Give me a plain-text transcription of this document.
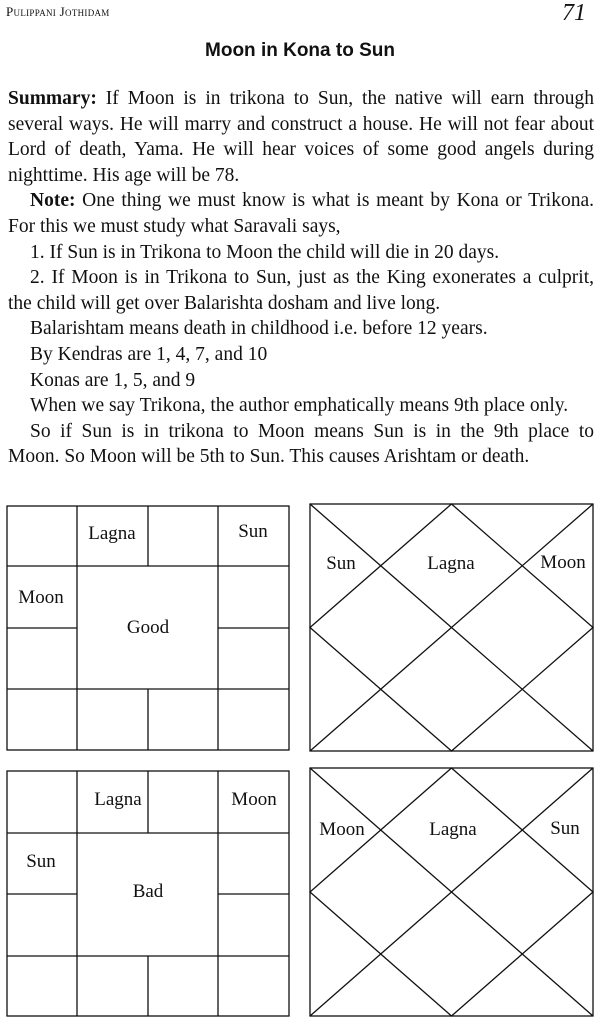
Pulippani Jothidam	71
Moon in Kona to Sun

Summary: If Moon is in trikona to Sun, the native will earn through

several ways. He will marry and construct a house. He will not fear about

Lord of death, Yama. He will hear voices of some good angels during

nighttime. His age will be 78.

Note: One thing we must know is what is meant by Kona or Trikona.

For this we must study what Saravali says,

1. If Sun is in Trikona to Moon the child will die in 20 days.

2. If Moon is in Trikona to Sun, just as the King exonerates a culprit,

the child will get over Balarishta dosham and live long.

Balarishtam means death in childhood i.e. before 12 years.

By Kendras are 1, 4, 7, and 10

Konas are 1, 5, and 9

When we say Trikona, the author emphatically means 9th place only.

So if Sun is in trikona to Moon means Sun is in the 9th place to

Moon. So Moon will be 5th to Sun. This causes Arishtam or death.

Lagna	Sun
Moon
Good
Sun	Lagna	Moon
Lagna	Moon
Sun
Bad
Moon	Lagna	Sun
